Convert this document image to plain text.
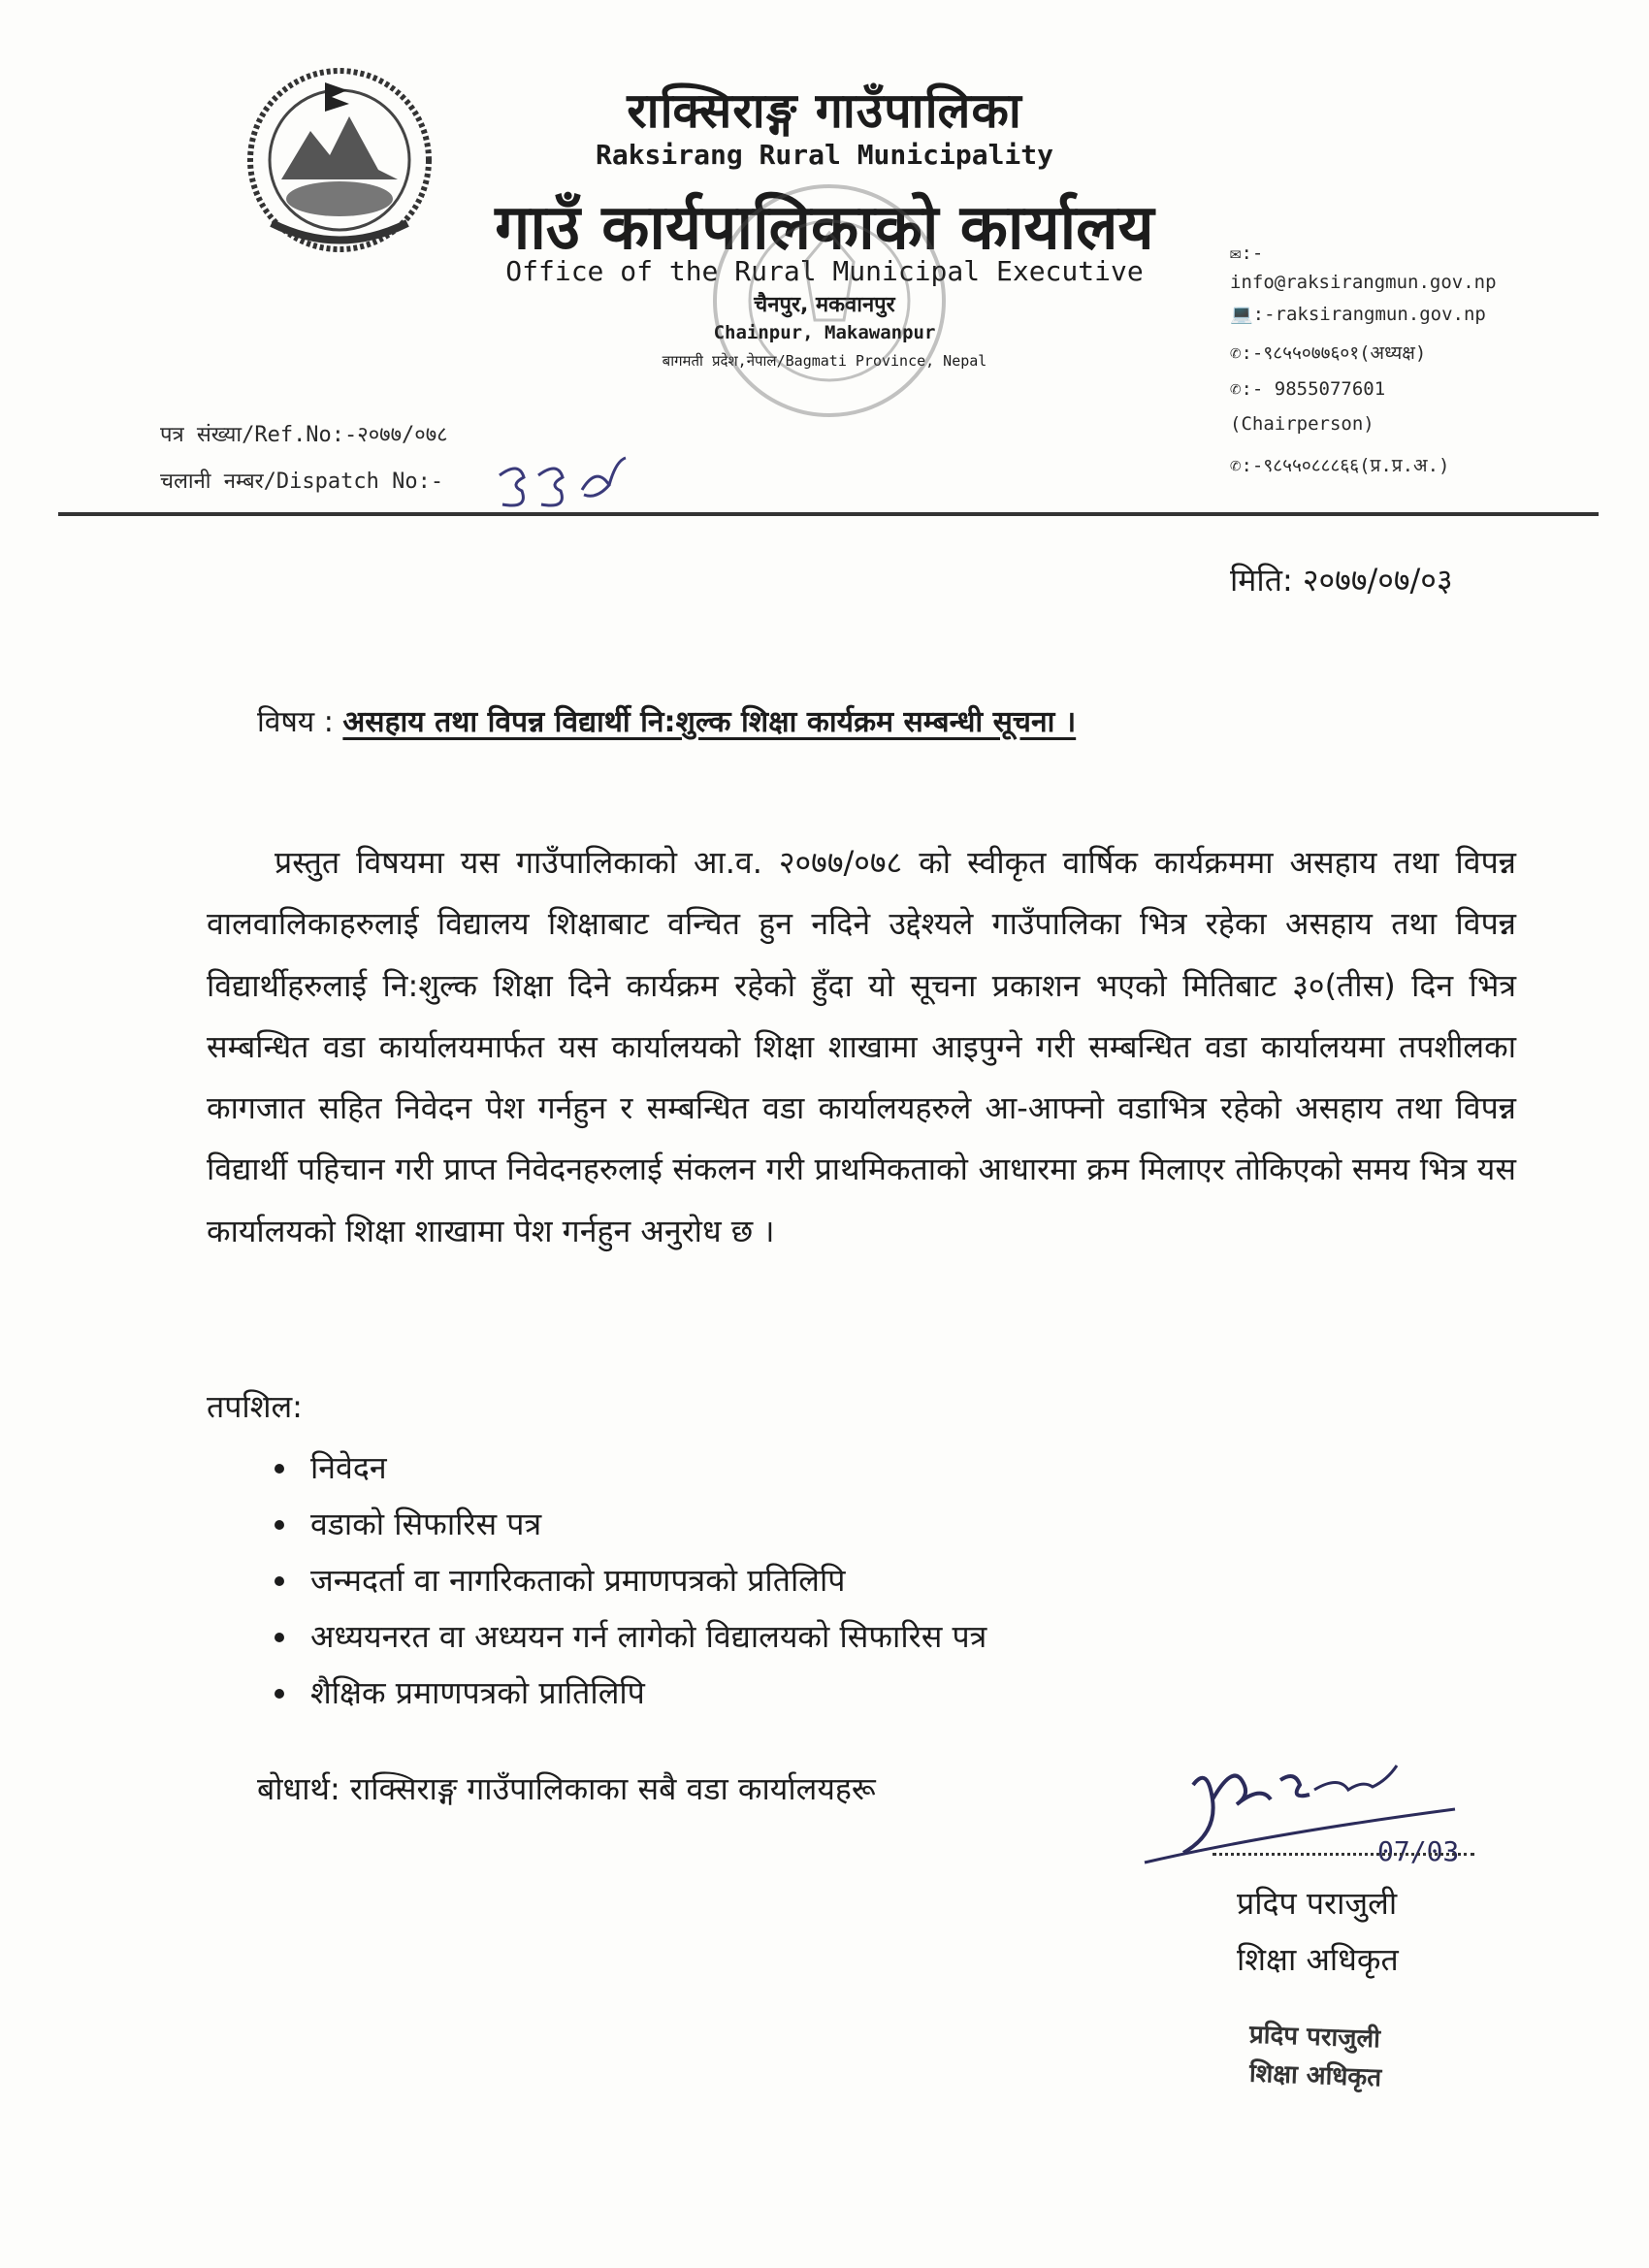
राक्सिराङ्ग गाउँपालिका
Raksirang Rural Municipality
गाउँ कार्यपालिकाको कार्यालय
Office of the Rural Municipal Executive
चैनपुर, मकवानपुर
Chainpur, Makawanpur
बागमती प्रदेश,नेपाल/Bagmati Province, Nepal
✉:-
info@raksirangmun.gov.np
💻:-raksirangmun.gov.np
✆:-९८५५०७७६०१(अध्यक्ष)
✆:- 9855077601
(Chairperson)
✆:-९८५५०८८८६६(प्र.प्र.अ.)
पत्र संख्या/Ref.No:-२०७७/०७८
चलानी नम्बर/Dispatch No:-
मिति: २०७७/०७/०३
विषय : असहाय तथा विपन्न विद्यार्थी नि:शुल्क शिक्षा कार्यक्रम सम्बन्धी सूचना ।
प्रस्तुत विषयमा यस गाउँपालिकाको आ.व. २०७७/०७८ को स्वीकृत वार्षिक कार्यक्रममा असहाय तथा विपन्न वालवालिकाहरुलाई विद्यालय शिक्षाबाट वन्चित हुन नदिने उद्देश्यले गाउँपालिका भित्र रहेका असहाय तथा विपन्न विद्यार्थीहरुलाई नि:शुल्क शिक्षा दिने कार्यक्रम रहेको हुँदा यो सूचना प्रकाशन भएको मितिबाट ३०(तीस) दिन भित्र सम्बन्धित वडा कार्यालयमार्फत यस कार्यालयको शिक्षा शाखामा आइपुग्ने गरी सम्बन्धित वडा कार्यालयमा तपशीलका कागजात सहित निवेदन पेश गर्नहुन र सम्बन्धित वडा कार्यालयहरुले आ-आफ्नो वडाभित्र रहेको असहाय तथा विपन्न विद्यार्थी पहिचान गरी प्राप्त निवेदनहरुलाई संकलन गरी प्राथमिकताको आधारमा क्रम मिलाएर तोकिएको समय भित्र यस कार्यालयको शिक्षा शाखामा पेश गर्नहुन अनुरोध छ ।
तपशिल:
• निवेदन
• वडाको सिफारिस पत्र
• जन्मदर्ता वा नागरिकताको प्रमाणपत्रको प्रतिलिपि
• अध्ययनरत वा अध्ययन गर्न लागेको विद्यालयको सिफारिस पत्र
• शैक्षिक प्रमाणपत्रको प्रातिलिपि
बोधार्थ: राक्सिराङ्ग गाउँपालिकाका सबै वडा कार्यालयहरू
07/03
प्रदिप पराजुली
शिक्षा अधिकृत
प्रदिप पराजुली
शिक्षा अधिकृत
